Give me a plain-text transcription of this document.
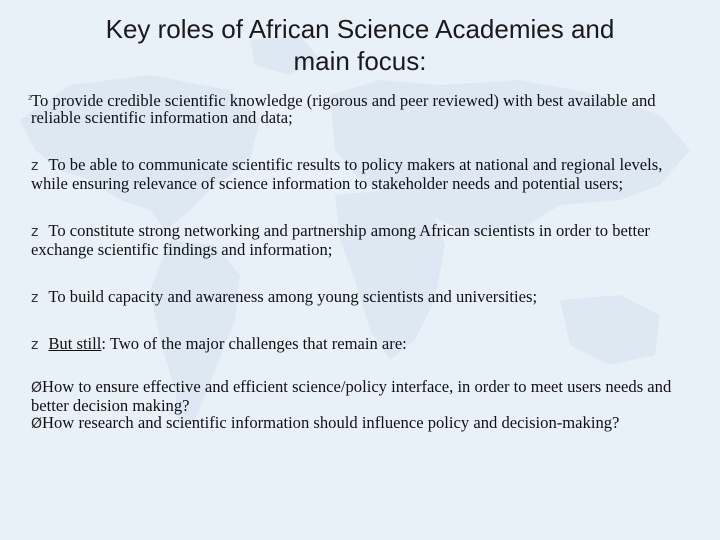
Key roles of African Science Academies and
main focus:

z
To provide credible scientific knowledge (rigorous and peer reviewed) with best available and reliable scientific information and data;

z To be able to communicate scientific results to policy makers at national and regional levels, while ensuring relevance of science information to stakeholder needs and potential users;

z To constitute strong networking and partnership among African scientists in order to better exchange scientific findings and information;

z To build capacity and awareness among young scientists and universities;

z But still: Two of the major challenges that remain are:

ØHow to ensure effective and efficient science/policy interface, in order to meet users needs and better decision making?

ØHow research and scientific information should influence policy and decision-making?
